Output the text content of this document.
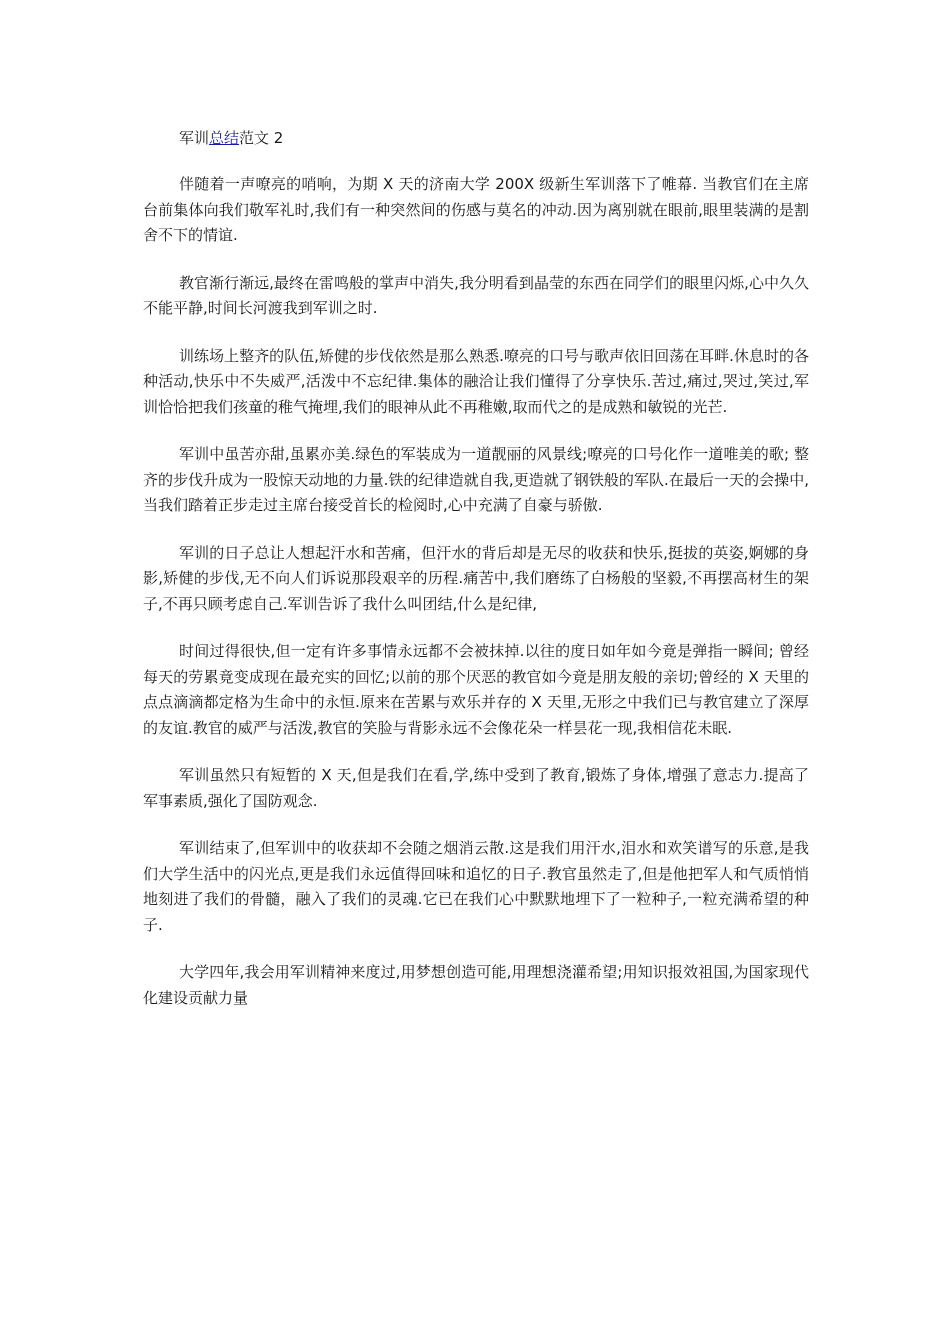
军训总结范文 2

伴随着一声嘹亮的哨响，为期 X 天的济南大学 200X 级新生军训落下了帷幕. 当教官们在主席台前集体向我们敬军礼时,我们有一种突然间的伤感与莫名的冲动.因为离别就在眼前,眼里装满的是割舍不下的情谊.

教官渐行渐远,最终在雷鸣般的掌声中消失,我分明看到晶莹的东西在同学们的眼里闪烁,心中久久不能平静,时间长河渡我到军训之时.

训练场上整齐的队伍,矫健的步伐依然是那么熟悉.嘹亮的口号与歌声依旧回荡在耳畔.休息时的各种活动,快乐中不失威严,活泼中不忘纪律.集体的融洽让我们懂得了分享快乐.苦过,痛过,哭过,笑过,军训恰恰把我们孩童的稚气掩埋,我们的眼神从此不再稚嫩,取而代之的是成熟和敏锐的光芒.

军训中虽苦亦甜,虽累亦美.绿色的军装成为一道靓丽的风景线;嘹亮的口号化作一道唯美的歌; 整齐的步伐升成为一股惊天动地的力量.铁的纪律造就自我,更造就了钢铁般的军队.在最后一天的会操中,当我们踏着正步走过主席台接受首长的检阅时,心中充满了自豪与骄傲.

军训的日子总让人想起汗水和苦痛，但汗水的背后却是无尽的收获和快乐,挺拔的英姿,婀娜的身影,矫健的步伐,无不向人们诉说那段艰辛的历程.痛苦中,我们磨练了白杨般的坚毅,不再摆高材生的架子,不再只顾考虑自己.军训告诉了我什么叫团结,什么是纪律,

时间过得很快,但一定有许多事情永远都不会被抹掉.以往的度日如年如今竟是弹指一瞬间; 曾经每天的劳累竟变成现在最充实的回忆;以前的那个厌恶的教官如今竟是朋友般的亲切;曾经的 X 天里的点点滴滴都定格为生命中的永恒.原来在苦累与欢乐并存的 X 天里,无形之中我们已与教官建立了深厚的友谊.教官的威严与活泼,教官的笑脸与背影永远不会像花朵一样昙花一现,我相信花未眠.

军训虽然只有短暂的 X 天,但是我们在看,学,练中受到了教育,锻炼了身体,增强了意志力.提高了军事素质,强化了国防观念.

军训结束了,但军训中的收获却不会随之烟消云散.这是我们用汗水,泪水和欢笑谱写的乐意,是我们大学生活中的闪光点,更是我们永远值得回味和追忆的日子.教官虽然走了,但是他把军人和气质悄悄地刻进了我们的骨髓，融入了我们的灵魂.它已在我们心中默默地埋下了一粒种子,一粒充满希望的种子.

大学四年,我会用军训精神来度过,用梦想创造可能,用理想浇灌希望;用知识报效祖国,为国家现代化建设贡献力量
